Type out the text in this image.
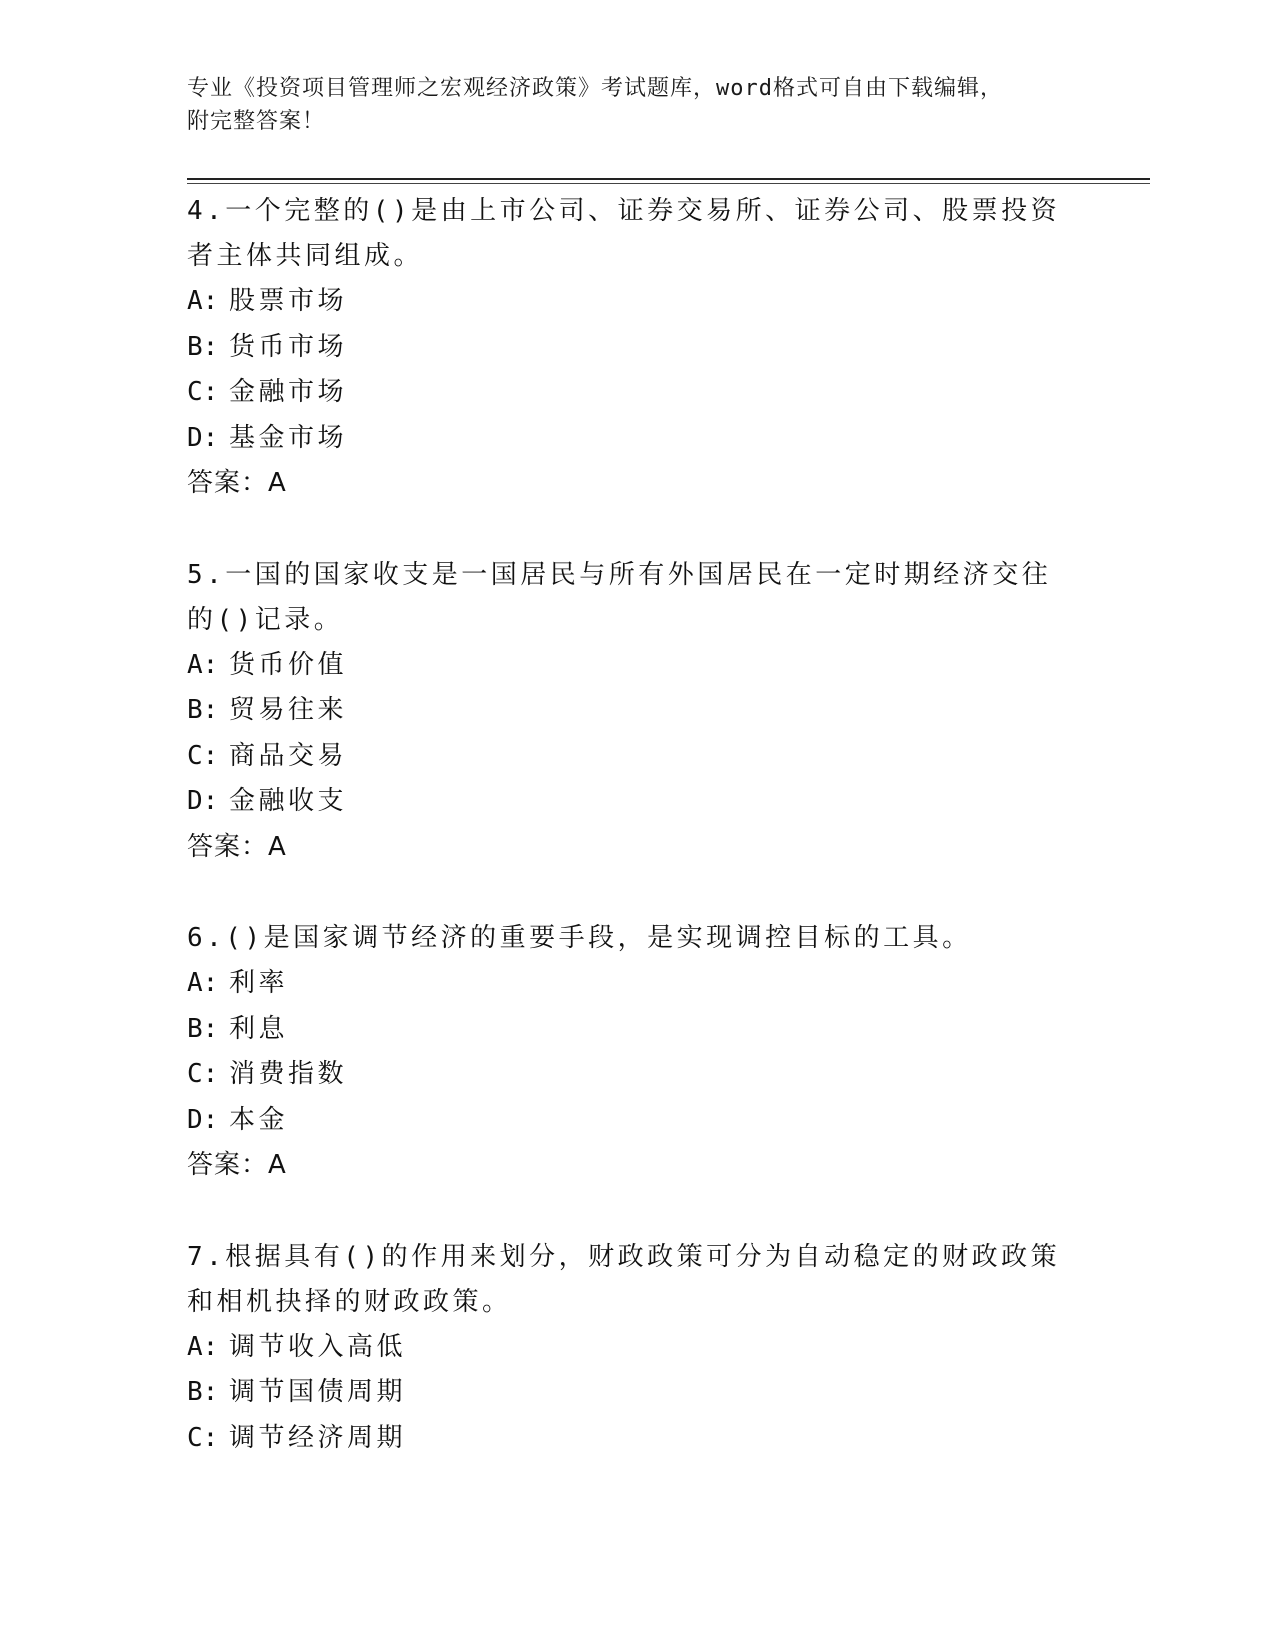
专业《投资项目管理师之宏观经济政策》考试题库，word格式可自由下载编辑，
附完整答案！

4.一个完整的()是由上市公司、证券交易所、证券公司、股票投资者主体共同组成。

A: 股票市场
B: 货币市场
C: 金融市场
D: 基金市场
答案：A

5.一国的国家收支是一国居民与所有外国居民在一定时期经济交往的()记录。

A: 货币价值
B: 贸易往来
C: 商品交易
D: 金融收支
答案：A

6.()是国家调节经济的重要手段，是实现调控目标的工具。

A: 利率
B: 利息
C: 消费指数
D: 本金
答案：A

7.根据具有()的作用来划分，财政政策可分为自动稳定的财政政策和相机抉择的财政政策。

A: 调节收入高低
B: 调节国债周期
C: 调节经济周期
